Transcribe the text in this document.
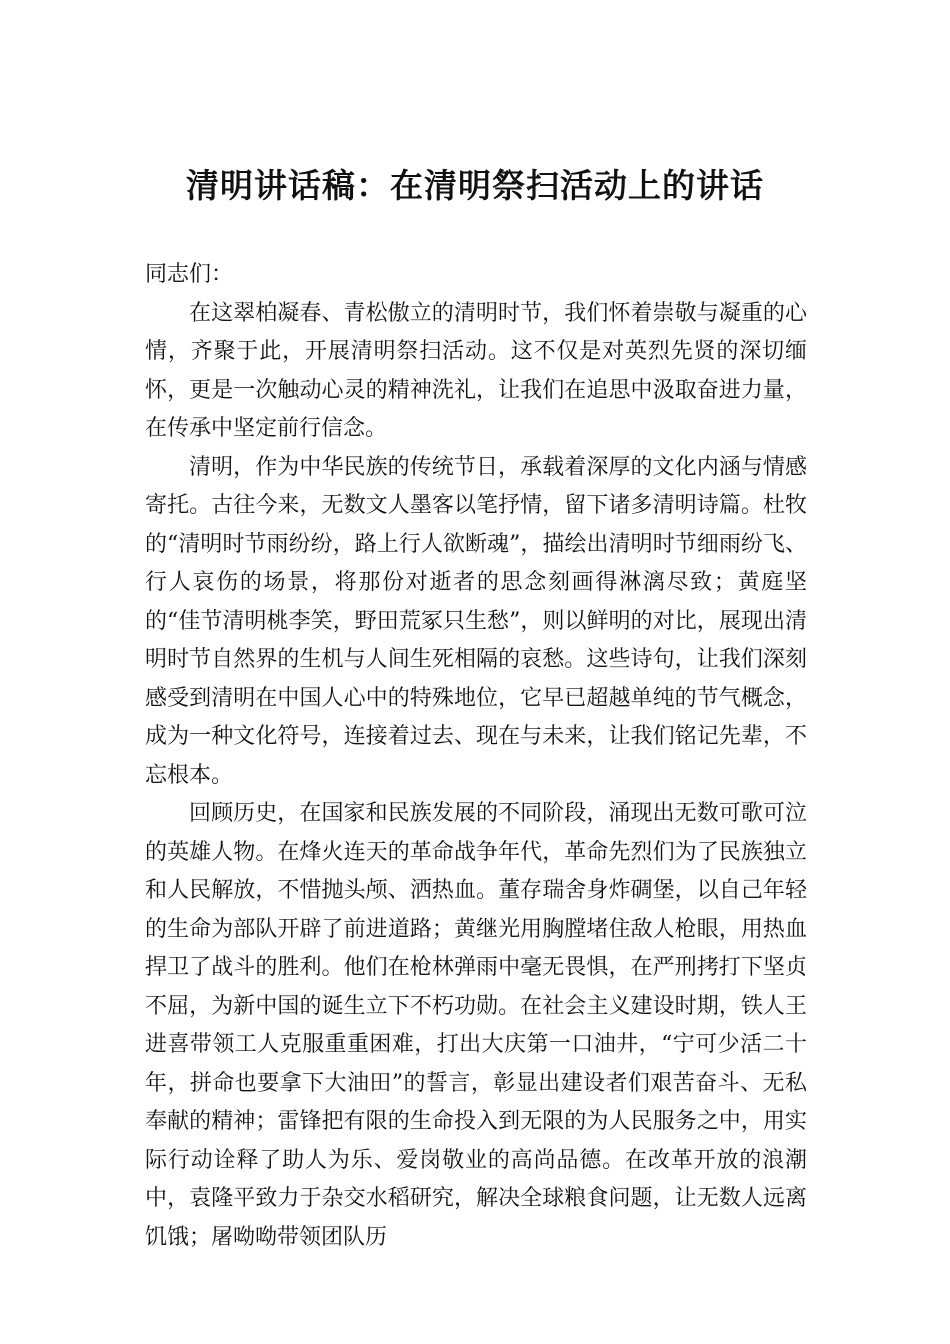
清明讲话稿：在清明祭扫活动上的讲话

同志们：

在这翠柏凝春、青松傲立的清明时节，我们怀着崇敬与凝重的心情，齐聚于此，开展清明祭扫活动。这不仅是对英烈先贤的深切缅怀，更是一次触动心灵的精神洗礼，让我们在追思中汲取奋进力量，在传承中坚定前行信念。

清明，作为中华民族的传统节日，承载着深厚的文化内涵与情感寄托。古往今来，无数文人墨客以笔抒情，留下诸多清明诗篇。杜牧的“清明时节雨纷纷，路上行人欲断魂”，描绘出清明时节细雨纷飞、行人哀伤的场景，将那份对逝者的思念刻画得淋漓尽致；黄庭坚的“佳节清明桃李笑，野田荒冢只生愁”，则以鲜明的对比，展现出清明时节自然界的生机与人间生死相隔的哀愁。这些诗句，让我们深刻感受到清明在中国人心中的特殊地位，它早已超越单纯的节气概念，成为一种文化符号，连接着过去、现在与未来，让我们铭记先辈，不忘根本。

回顾历史，在国家和民族发展的不同阶段，涌现出无数可歌可泣的英雄人物。在烽火连天的革命战争年代，革命先烈们为了民族独立和人民解放，不惜抛头颅、洒热血。董存瑞舍身炸碉堡，以自己年轻的生命为部队开辟了前进道路；黄继光用胸膛堵住敌人枪眼，用热血捍卫了战斗的胜利。他们在枪林弹雨中毫无畏惧，在严刑拷打下坚贞不屈，为新中国的诞生立下不朽功勋。在社会主义建设时期，铁人王进喜带领工人克服重重困难，打出大庆第一口油井，“宁可少活二十年，拼命也要拿下大油田”的誓言，彰显出建设者们艰苦奋斗、无私奉献的精神；雷锋把有限的生命投入到无限的为人民服务之中，用实际行动诠释了助人为乐、爱岗敬业的高尚品德。在改革开放的浪潮中，袁隆平致力于杂交水稻研究，解决全球粮食问题，让无数人远离饥饿；屠呦呦带领团队历
